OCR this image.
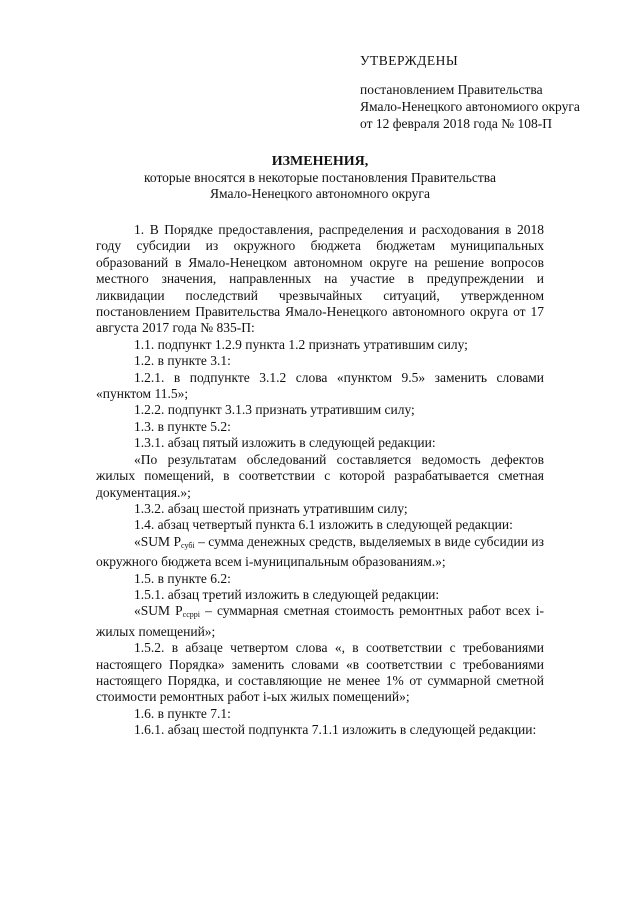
УТВЕРЖДЕНЫ
постановлением Правительства
Ямало-Ненецкого автономиого округа
от 12 февраля 2018 года № 108-П
ИЗМЕНЕНИЯ,
которые вносятся в некоторые постановления Правительства
Ямало-Ненецкого автономного округа

1. В Порядке предоставления, распределения и расходования в 2018 году субсидии из окружного бюджета бюджетам муниципальных образований в Ямало-Ненецком автономном округе на решение вопросов местного значения, направленных на участие в предупреждении и ликвидации последствий чрезвычайных ситуаций, утвержденном постановлением Правительства Ямало-Ненецкого автономного округа от 17 августа 2017 года № 835-П:

1.1. подпункт 1.2.9 пункта 1.2 признать утратившим силу;

1.2. в пункте 3.1:

1.2.1. в подпункте 3.1.2 слова «пунктом 9.5» заменить словами «пунктом 11.5»;

1.2.2. подпункт 3.1.3 признать утратившим силу;

1.3. в пункте 5.2:

1.3.1. абзац пятый изложить в следующей редакции:

«По результатам обследований составляется ведомость дефектов жилых помещений, в соответствии с которой разрабатывается сметная документация.»;

1.3.2. абзац шестой признать утратившим силу;

1.4. абзац четвертый пункта 6.1 изложить в следующей редакции:

«SUM $P_{cубi}$ – сумма денежных средств, выделяемых в виде субсидии из окружного бюджета всем i-муниципальным образованиям.»;

1.5. в пункте 6.2:

1.5.1. абзац третий изложить в следующей редакции:

«SUM $P_{ccpрi}$ – суммарная сметная стоимость ремонтных работ всех i-жилых помещений»;

1.5.2. в абзаце четвертом слова «, в соответствии с требованиями настоящего Порядка» заменить словами «в соответствии с требованиями настоящего Порядка, и составляющие не менее 1% от суммарной сметной стоимости ремонтных работ i-ых жилых помещений»;

1.6. в пункте 7.1:

1.6.1. абзац шестой подпункта 7.1.1 изложить в следующей редакции:
